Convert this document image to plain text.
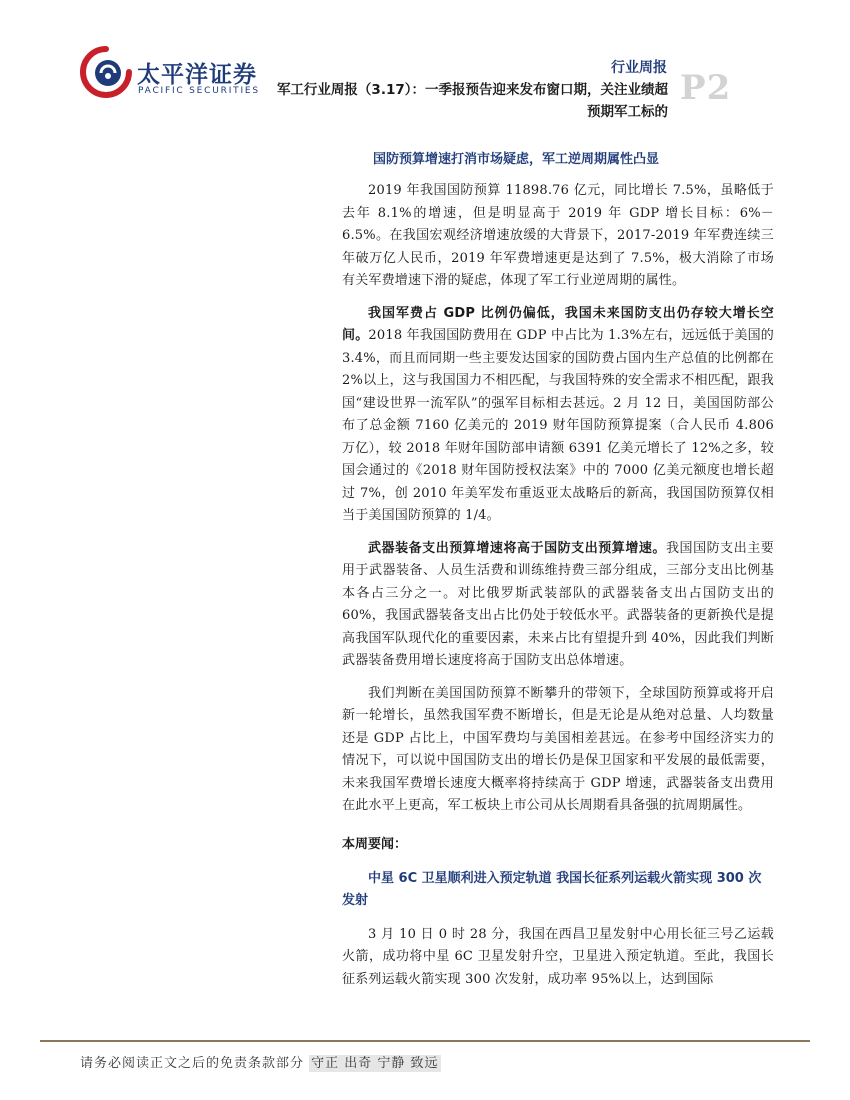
太平洋证券
PACIFIC SECURITIES
行业周报
军工行业周报（3.17）：一季报预告迎来发布窗口期，关注业绩超
预期军工标的
P2
国防预算增速打消市场疑虑，军工逆周期属性凸显

2019 年我国国防预算 11898.76 亿元，同比增长 7.5%，虽略低于去年 8.1%的增速，但是明显高于 2019 年 GDP 增长目标：6%－6.5%。在我国宏观经济增速放缓的大背景下，2017-2019 年军费连续三年破万亿人民币，2019 年军费增速更是达到了 7.5%，极大消除了市场有关军费增速下滑的疑虑，体现了军工行业逆周期的属性。

我国军费占 GDP 比例仍偏低，我国未来国防支出仍存较大增长空间。2018 年我国国防费用在 GDP 中占比为 1.3%左右，远远低于美国的 3.4%，而且而同期一些主要发达国家的国防费占国内生产总值的比例都在 2%以上，这与我国国力不相匹配，与我国特殊的安全需求不相匹配，跟我国“建设世界一流军队”的强军目标相去甚远。2 月 12 日，美国国防部公布了总金额 7160 亿美元的 2019 财年国防预算提案（合人民币 4.806 万亿），较 2018 年财年国防部申请额 6391 亿美元增长了 12%之多，较国会通过的《2018 财年国防授权法案》中的 7000 亿美元额度也增长超过 7%，创 2010 年美军发布重返亚太战略后的新高，我国国防预算仅相当于美国国防预算的 1/4。

武器装备支出预算增速将高于国防支出预算增速。我国国防支出主要用于武器装备、人员生活费和训练维持费三部分组成，三部分支出比例基本各占三分之一。对比俄罗斯武装部队的武器装备支出占国防支出的 60%，我国武器装备支出占比仍处于较低水平。武器装备的更新换代是提高我国军队现代化的重要因素，未来占比有望提升到 40%，因此我们判断武器装备费用增长速度将高于国防支出总体增速。

我们判断在美国国防预算不断攀升的带领下，全球国防预算或将开启新一轮增长，虽然我国军费不断增长，但是无论是从绝对总量、人均数量还是 GDP 占比上，中国军费均与美国相差甚远。在参考中国经济实力的情况下，可以说中国国防支出的增长仍是保卫国家和平发展的最低需要，未来我国军费增长速度大概率将持续高于 GDP 增速，武器装备支出费用在此水平上更高，军工板块上市公司从长周期看具备强的抗周期属性。

本周要闻：
中星 6C 卫星顺利进入预定轨道 我国长征系列运载火箭实现 300 次发射

3 月 10 日 0 时 28 分，我国在西昌卫星发射中心用长征三号乙运载火箭，成功将中星 6C 卫星发射升空，卫星进入预定轨道。至此，我国长征系列运载火箭实现 300 次发射，成功率 95%以上，达到国际

请务必阅读正文之后的免责条款部分 守正 出奇 宁静 致远
